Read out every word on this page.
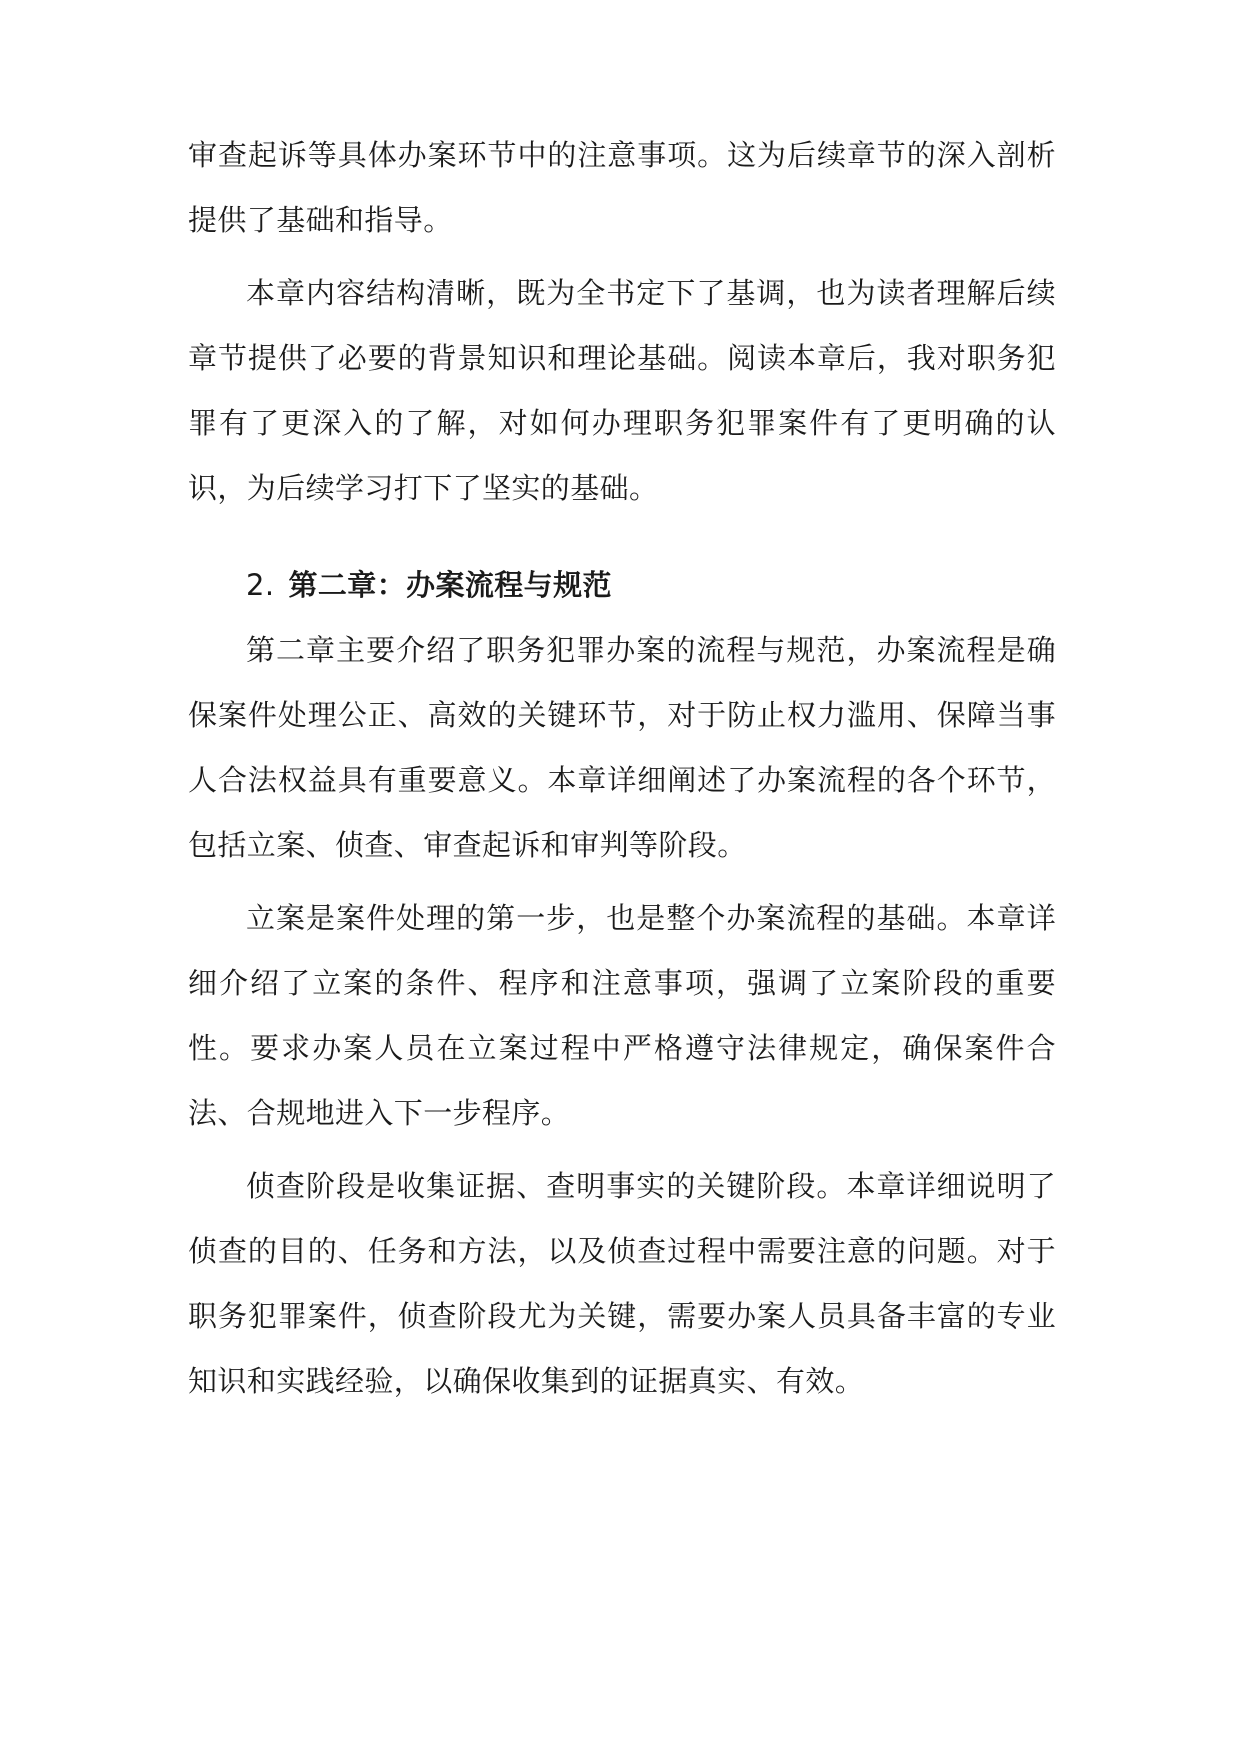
审查起诉等具体办案环节中的注意事项。这为后续章节的深入剖析提供了基础和指导。

本章内容结构清晰，既为全书定下了基调，也为读者理解后续章节提供了必要的背景知识和理论基础。阅读本章后，我对职务犯罪有了更深入的了解，对如何办理职务犯罪案件有了更明确的认识，为后续学习打下了坚实的基础。

2. 第二章：办案流程与规范

第二章主要介绍了职务犯罪办案的流程与规范，办案流程是确保案件处理公正、高效的关键环节，对于防止权力滥用、保障当事人合法权益具有重要意义。本章详细阐述了办案流程的各个环节，包括立案、侦查、审查起诉和审判等阶段。

立案是案件处理的第一步，也是整个办案流程的基础。本章详细介绍了立案的条件、程序和注意事项，强调了立案阶段的重要性。要求办案人员在立案过程中严格遵守法律规定，确保案件合法、合规地进入下一步程序。

侦查阶段是收集证据、查明事实的关键阶段。本章详细说明了侦查的目的、任务和方法，以及侦查过程中需要注意的问题。对于职务犯罪案件，侦查阶段尤为关键，需要办案人员具备丰富的专业知识和实践经验，以确保收集到的证据真实、有效。
